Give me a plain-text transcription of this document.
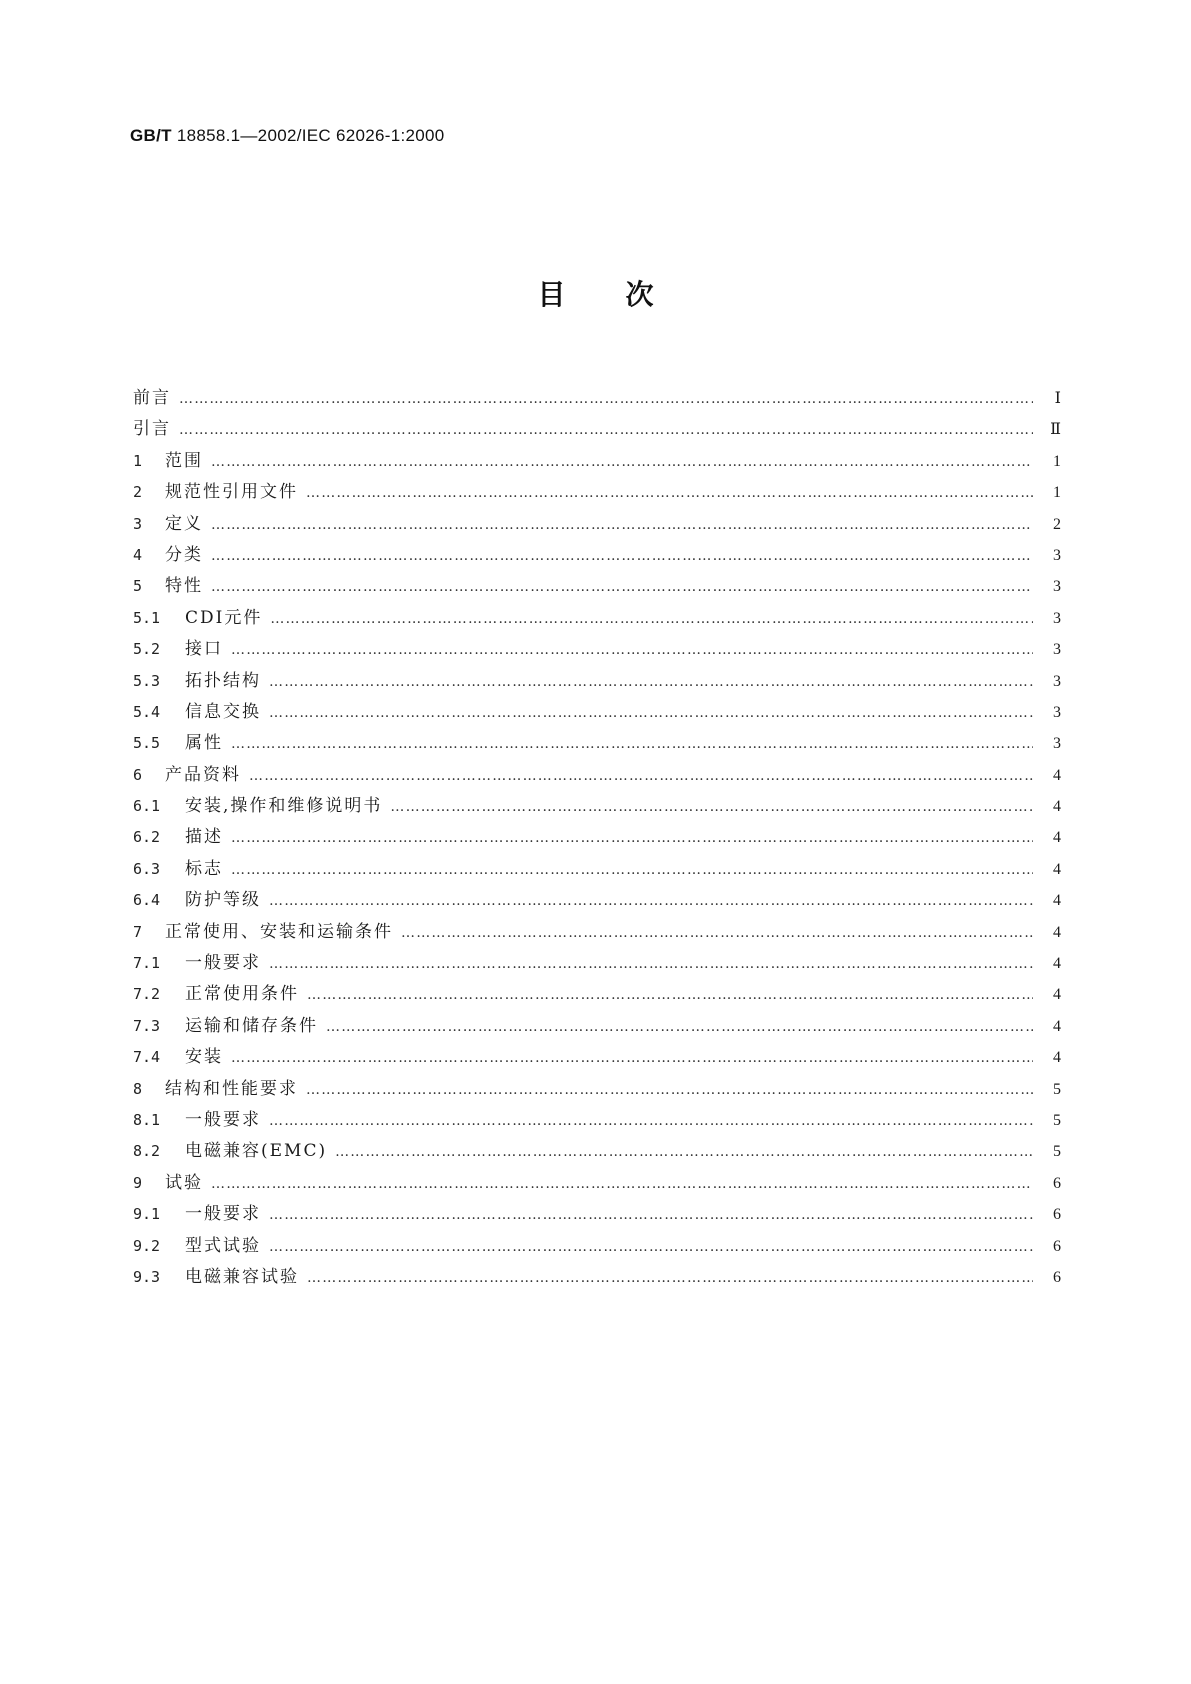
GB/T 18858.1—2002/IEC 62026-1:2000
目次
前言 ……………………………………………………………………………………………………………………………………………………………………………………………………………………	Ⅰ
引言 ……………………………………………………………………………………………………………………………………………………………………………………………………………………	Ⅱ
1	范围 ……………………………………………………………………………………………………………………………………………………………………………………………………………………	1
2	规范性引用文件 ……………………………………………………………………………………………………………………………………………………………………………………………………………………	1
3	定义 ……………………………………………………………………………………………………………………………………………………………………………………………………………………	2
4	分类 ……………………………………………………………………………………………………………………………………………………………………………………………………………………	3
5	特性 ……………………………………………………………………………………………………………………………………………………………………………………………………………………	3
5.1	CDI元件 ……………………………………………………………………………………………………………………………………………………………………………………………………………………	3
5.2	接口 ……………………………………………………………………………………………………………………………………………………………………………………………………………………	3
5.3	拓扑结构 ……………………………………………………………………………………………………………………………………………………………………………………………………………………	3
5.4	信息交换 ……………………………………………………………………………………………………………………………………………………………………………………………………………………	3
5.5	属性 ……………………………………………………………………………………………………………………………………………………………………………………………………………………	3
6	产品资料 ……………………………………………………………………………………………………………………………………………………………………………………………………………………	4
6.1	安装,操作和维修说明书 ……………………………………………………………………………………………………………………………………………………………………………………………………………………	4
6.2	描述 ……………………………………………………………………………………………………………………………………………………………………………………………………………………	4
6.3	标志 ……………………………………………………………………………………………………………………………………………………………………………………………………………………	4
6.4	防护等级 ……………………………………………………………………………………………………………………………………………………………………………………………………………………	4
7	正常使用、安装和运输条件 ……………………………………………………………………………………………………………………………………………………………………………………………………………………	4
7.1	一般要求 ……………………………………………………………………………………………………………………………………………………………………………………………………………………	4
7.2	正常使用条件 ……………………………………………………………………………………………………………………………………………………………………………………………………………………	4
7.3	运输和储存条件 ……………………………………………………………………………………………………………………………………………………………………………………………………………………	4
7.4	安装 ……………………………………………………………………………………………………………………………………………………………………………………………………………………	4
8	结构和性能要求 ……………………………………………………………………………………………………………………………………………………………………………………………………………………	5
8.1	一般要求 ……………………………………………………………………………………………………………………………………………………………………………………………………………………	5
8.2	电磁兼容(EMC) ……………………………………………………………………………………………………………………………………………………………………………………………………………………	5
9	试验 ……………………………………………………………………………………………………………………………………………………………………………………………………………………	6
9.1	一般要求 ……………………………………………………………………………………………………………………………………………………………………………………………………………………	6
9.2	型式试验 ……………………………………………………………………………………………………………………………………………………………………………………………………………………	6
9.3	电磁兼容试验 ……………………………………………………………………………………………………………………………………………………………………………………………………………………	6
